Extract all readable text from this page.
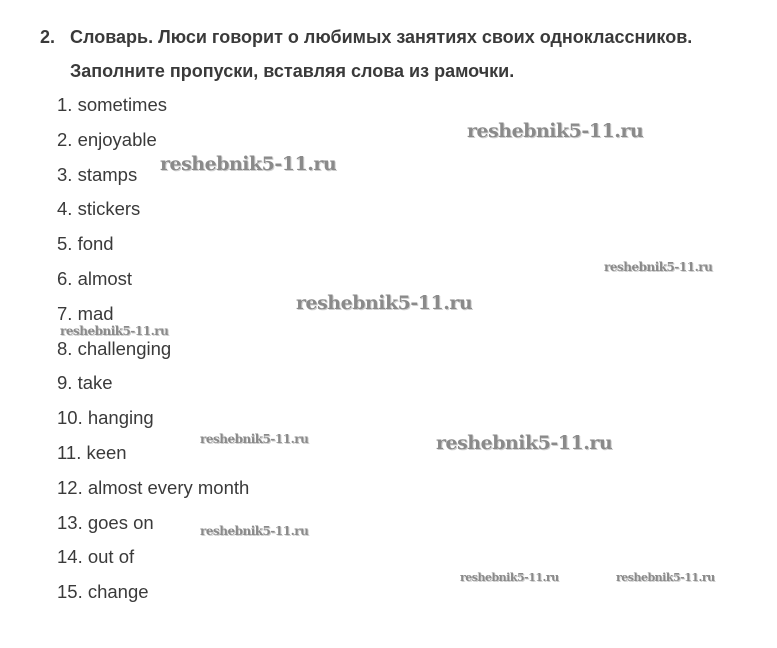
2. Словарь. Люси говорит о любимых занятиях своих одноклассников.
Заполните пропуски, вставляя слова из рамочки.
1. sometimes
2. enjoyable
3. stamps
4. stickers
5. fond
6. almost
7. mad
8. challenging
9. take
10. hanging
11. keen
12. almost every month
13. goes on
14. out of
15. change
reshebnik5-11.ru
reshebnik5-11.ru
reshebnik5-11.ru
reshebnik5-11.ru
reshebnik5-11.ru
reshebnik5-11.ru	reshebnik5-11.ru
reshebnik5-11.ru
reshebnik5-11.ru	reshebnik5-11.ru
